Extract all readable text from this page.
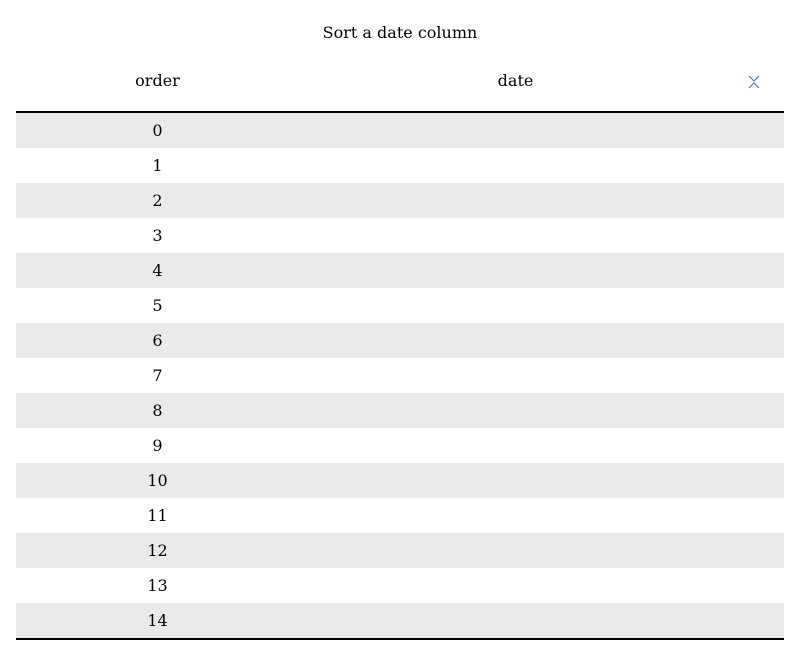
Sort a date column
order	date
0
1
2
3
4
5
6
7
8
9
10
11
12
13
14
